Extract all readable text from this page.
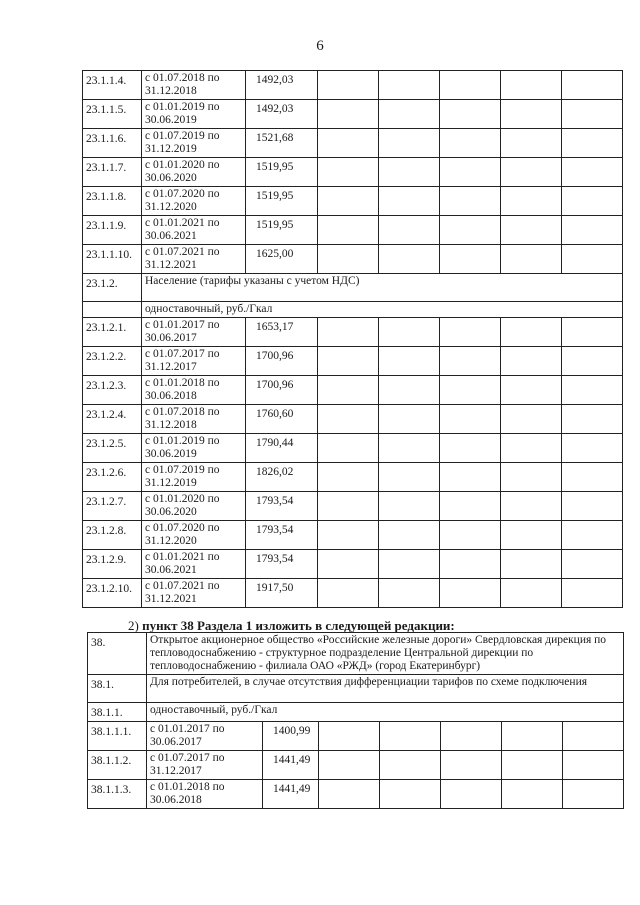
6
23.1.1.4.	с 01.07.2018 по 31.12.2018	1492,03					
23.1.1.5.	с 01.01.2019 по 30.06.2019	1492,03					
23.1.1.6.	с 01.07.2019 по 31.12.2019	1521,68					
23.1.1.7.	с 01.01.2020 по 30.06.2020	1519,95					
23.1.1.8.	с 01.07.2020 по 31.12.2020	1519,95					
23.1.1.9.	с 01.01.2021 по 30.06.2021	1519,95					
23.1.1.10.	с 01.07.2021 по 31.12.2021	1625,00					
23.1.2.	Население (тарифы указаны с учетом НДС)						
	одноставочный, руб./Гкал						
23.1.2.1.	с 01.01.2017 по 30.06.2017	1653,17					
23.1.2.2.	с 01.07.2017 по 31.12.2017	1700,96					
23.1.2.3.	с 01.01.2018 по 30.06.2018	1700,96					
23.1.2.4.	с 01.07.2018 по 31.12.2018	1760,60					
23.1.2.5.	с 01.01.2019 по 30.06.2019	1790,44					
23.1.2.6.	с 01.07.2019 по 31.12.2019	1826,02					
23.1.2.7.	с 01.01.2020 по 30.06.2020	1793,54					
23.1.2.8.	с 01.07.2020 по 31.12.2020	1793,54					
23.1.2.9.	с 01.01.2021 по 30.06.2021	1793,54					
23.1.2.10.	с 01.07.2021 по 31.12.2021	1917,50					
2) пункт 38 Раздела 1 изложить в следующей редакции:
38.	Открытое акционерное общество «Российские железные дороги» Свердловская дирекция по тепловодоснабжению - структурное подразделение Центральной дирекции по тепловодоснабжению - филиала ОАО «РЖД» (город Екатеринбург)						
38.1.	Для потребителей, в случае отсутствия дифференциации тарифов по схеме подключения						
38.1.1.	одноставочный, руб./Гкал						
38.1.1.1.	с 01.01.2017 по 30.06.2017	1400,99					
38.1.1.2.	с 01.07.2017 по 31.12.2017	1441,49					
38.1.1.3.	с 01.01.2018 по 30.06.2018	1441,49					
